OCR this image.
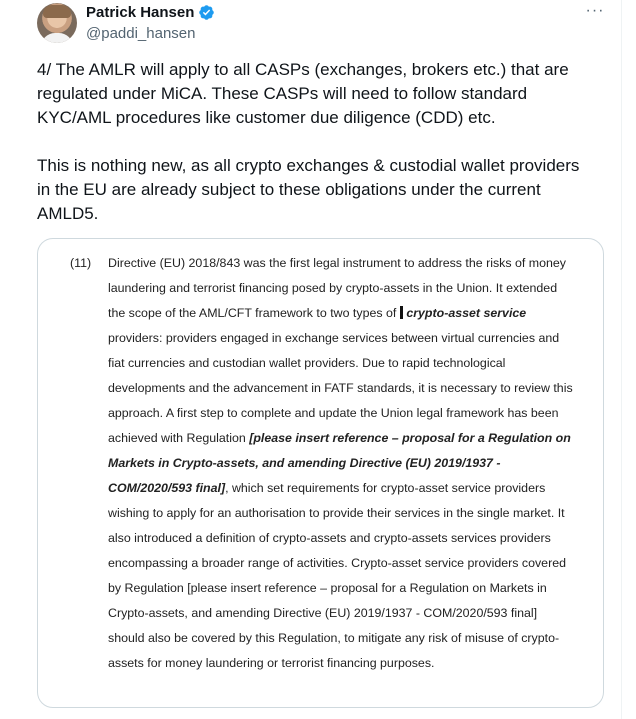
Patrick Hansen
@paddi_hansen
···

4/ The AMLR will apply to all CASPs (exchanges, brokers etc.) that are
regulated under MiCA. These CASPs will need to follow standard
KYC/AML procedures like customer due diligence (CDD) etc.

This is nothing new, as all crypto exchanges & custodial wallet providers
in the EU are already subject to these obligations under the current
AMLD5.

(11) Directive (EU) 2018/843 was the first legal instrument to address the risks of money
laundering and terrorist financing posed by crypto-assets in the Union. It extended
the scope of the AML/CFT framework to two types of crypto-asset service
providers: providers engaged in exchange services between virtual currencies and
fiat currencies and custodian wallet providers. Due to rapid technological
developments and the advancement in FATF standards, it is necessary to review this
approach. A first step to complete and update the Union legal framework has been
achieved with Regulation [please insert reference – proposal for a Regulation on
Markets in Crypto-assets, and amending Directive (EU) 2019/1937 -
COM/2020/593 final], which set requirements for crypto-asset service providers
wishing to apply for an authorisation to provide their services in the single market. It
also introduced a definition of crypto-assets and crypto-assets services providers
encompassing a broader range of activities. Crypto-asset service providers covered
by Regulation [please insert reference – proposal for a Regulation on Markets in
Crypto-assets, and amending Directive (EU) 2019/1937 - COM/2020/593 final]
should also be covered by this Regulation, to mitigate any risk of misuse of crypto-
assets for money laundering or terrorist financing purposes.
